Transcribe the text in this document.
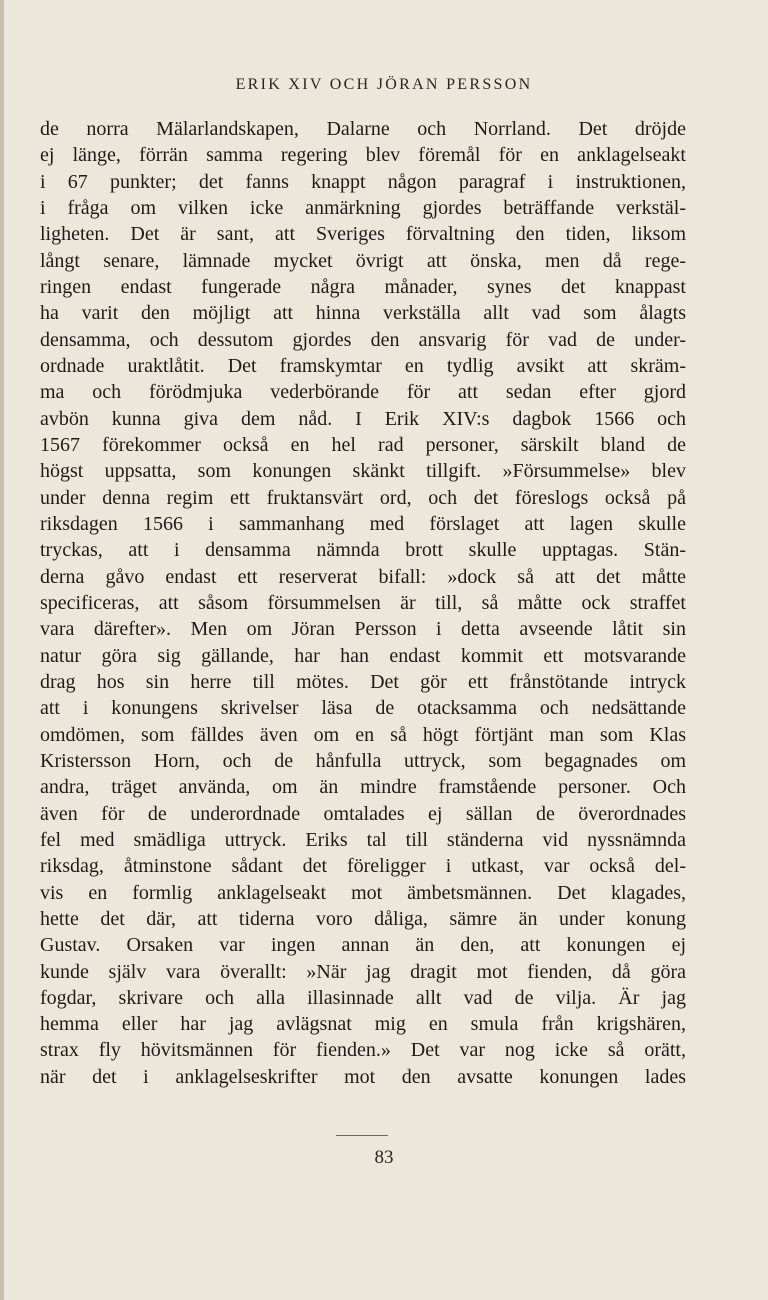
ERIK XIV OCH JÖRAN PERSSON
de norra Mälarlandskapen, Dalarne och Norrland. Det dröjde
ej länge, förrän samma regering blev föremål för en anklagelseakt
i 67 punkter; det fanns knappt någon paragraf i instruktionen,
i fråga om vilken icke anmärkning gjordes beträffande verkstäl-
ligheten. Det är sant, att Sveriges förvaltning den tiden, liksom
långt senare, lämnade mycket övrigt att önska, men då rege-
ringen endast fungerade några månader, synes det knappast
ha varit den möjligt att hinna verkställa allt vad som ålagts
densamma, och dessutom gjordes den ansvarig för vad de under-
ordnade uraktlåtit. Det framskymtar en tydlig avsikt att skräm-
ma och förödmjuka vederbörande för att sedan efter gjord
avbön kunna giva dem nåd. I Erik XIV:s dagbok 1566 och
1567 förekommer också en hel rad personer, särskilt bland de
högst uppsatta, som konungen skänkt tillgift. »Försummelse» blev
under denna regim ett fruktansvärt ord, och det föreslogs också på
riksdagen 1566 i sammanhang med förslaget att lagen skulle
tryckas, att i densamma nämnda brott skulle upptagas. Stän-
derna gåvo endast ett reserverat bifall: »dock så att det måtte
specificeras, att såsom försummelsen är till, så måtte ock straffet
vara därefter». Men om Jöran Persson i detta avseende låtit sin
natur göra sig gällande, har han endast kommit ett motsvarande
drag hos sin herre till mötes. Det gör ett frånstötande intryck
att i konungens skrivelser läsa de otacksamma och nedsättande
omdömen, som fälldes även om en så högt förtjänt man som Klas
Kristersson Horn, och de hånfulla uttryck, som begagnades om
andra, träget använda, om än mindre framstående personer. Och
även för de underordnade omtalades ej sällan de överordnades
fel med smädliga uttryck. Eriks tal till ständerna vid nyssnämnda
riksdag, åtminstone sådant det föreligger i utkast, var också del-
vis en formlig anklagelseakt mot ämbetsmännen. Det klagades,
hette det där, att tiderna voro dåliga, sämre än under konung
Gustav. Orsaken var ingen annan än den, att konungen ej
kunde själv vara överallt: »När jag dragit mot fienden, då göra
fogdar, skrivare och alla illasinnade allt vad de vilja. Är jag
hemma eller har jag avlägsnat mig en smula från krigshären,
strax fly hövitsmännen för fienden.» Det var nog icke så orätt,
när det i anklagelseskrifter mot den avsatte konungen lades
83
